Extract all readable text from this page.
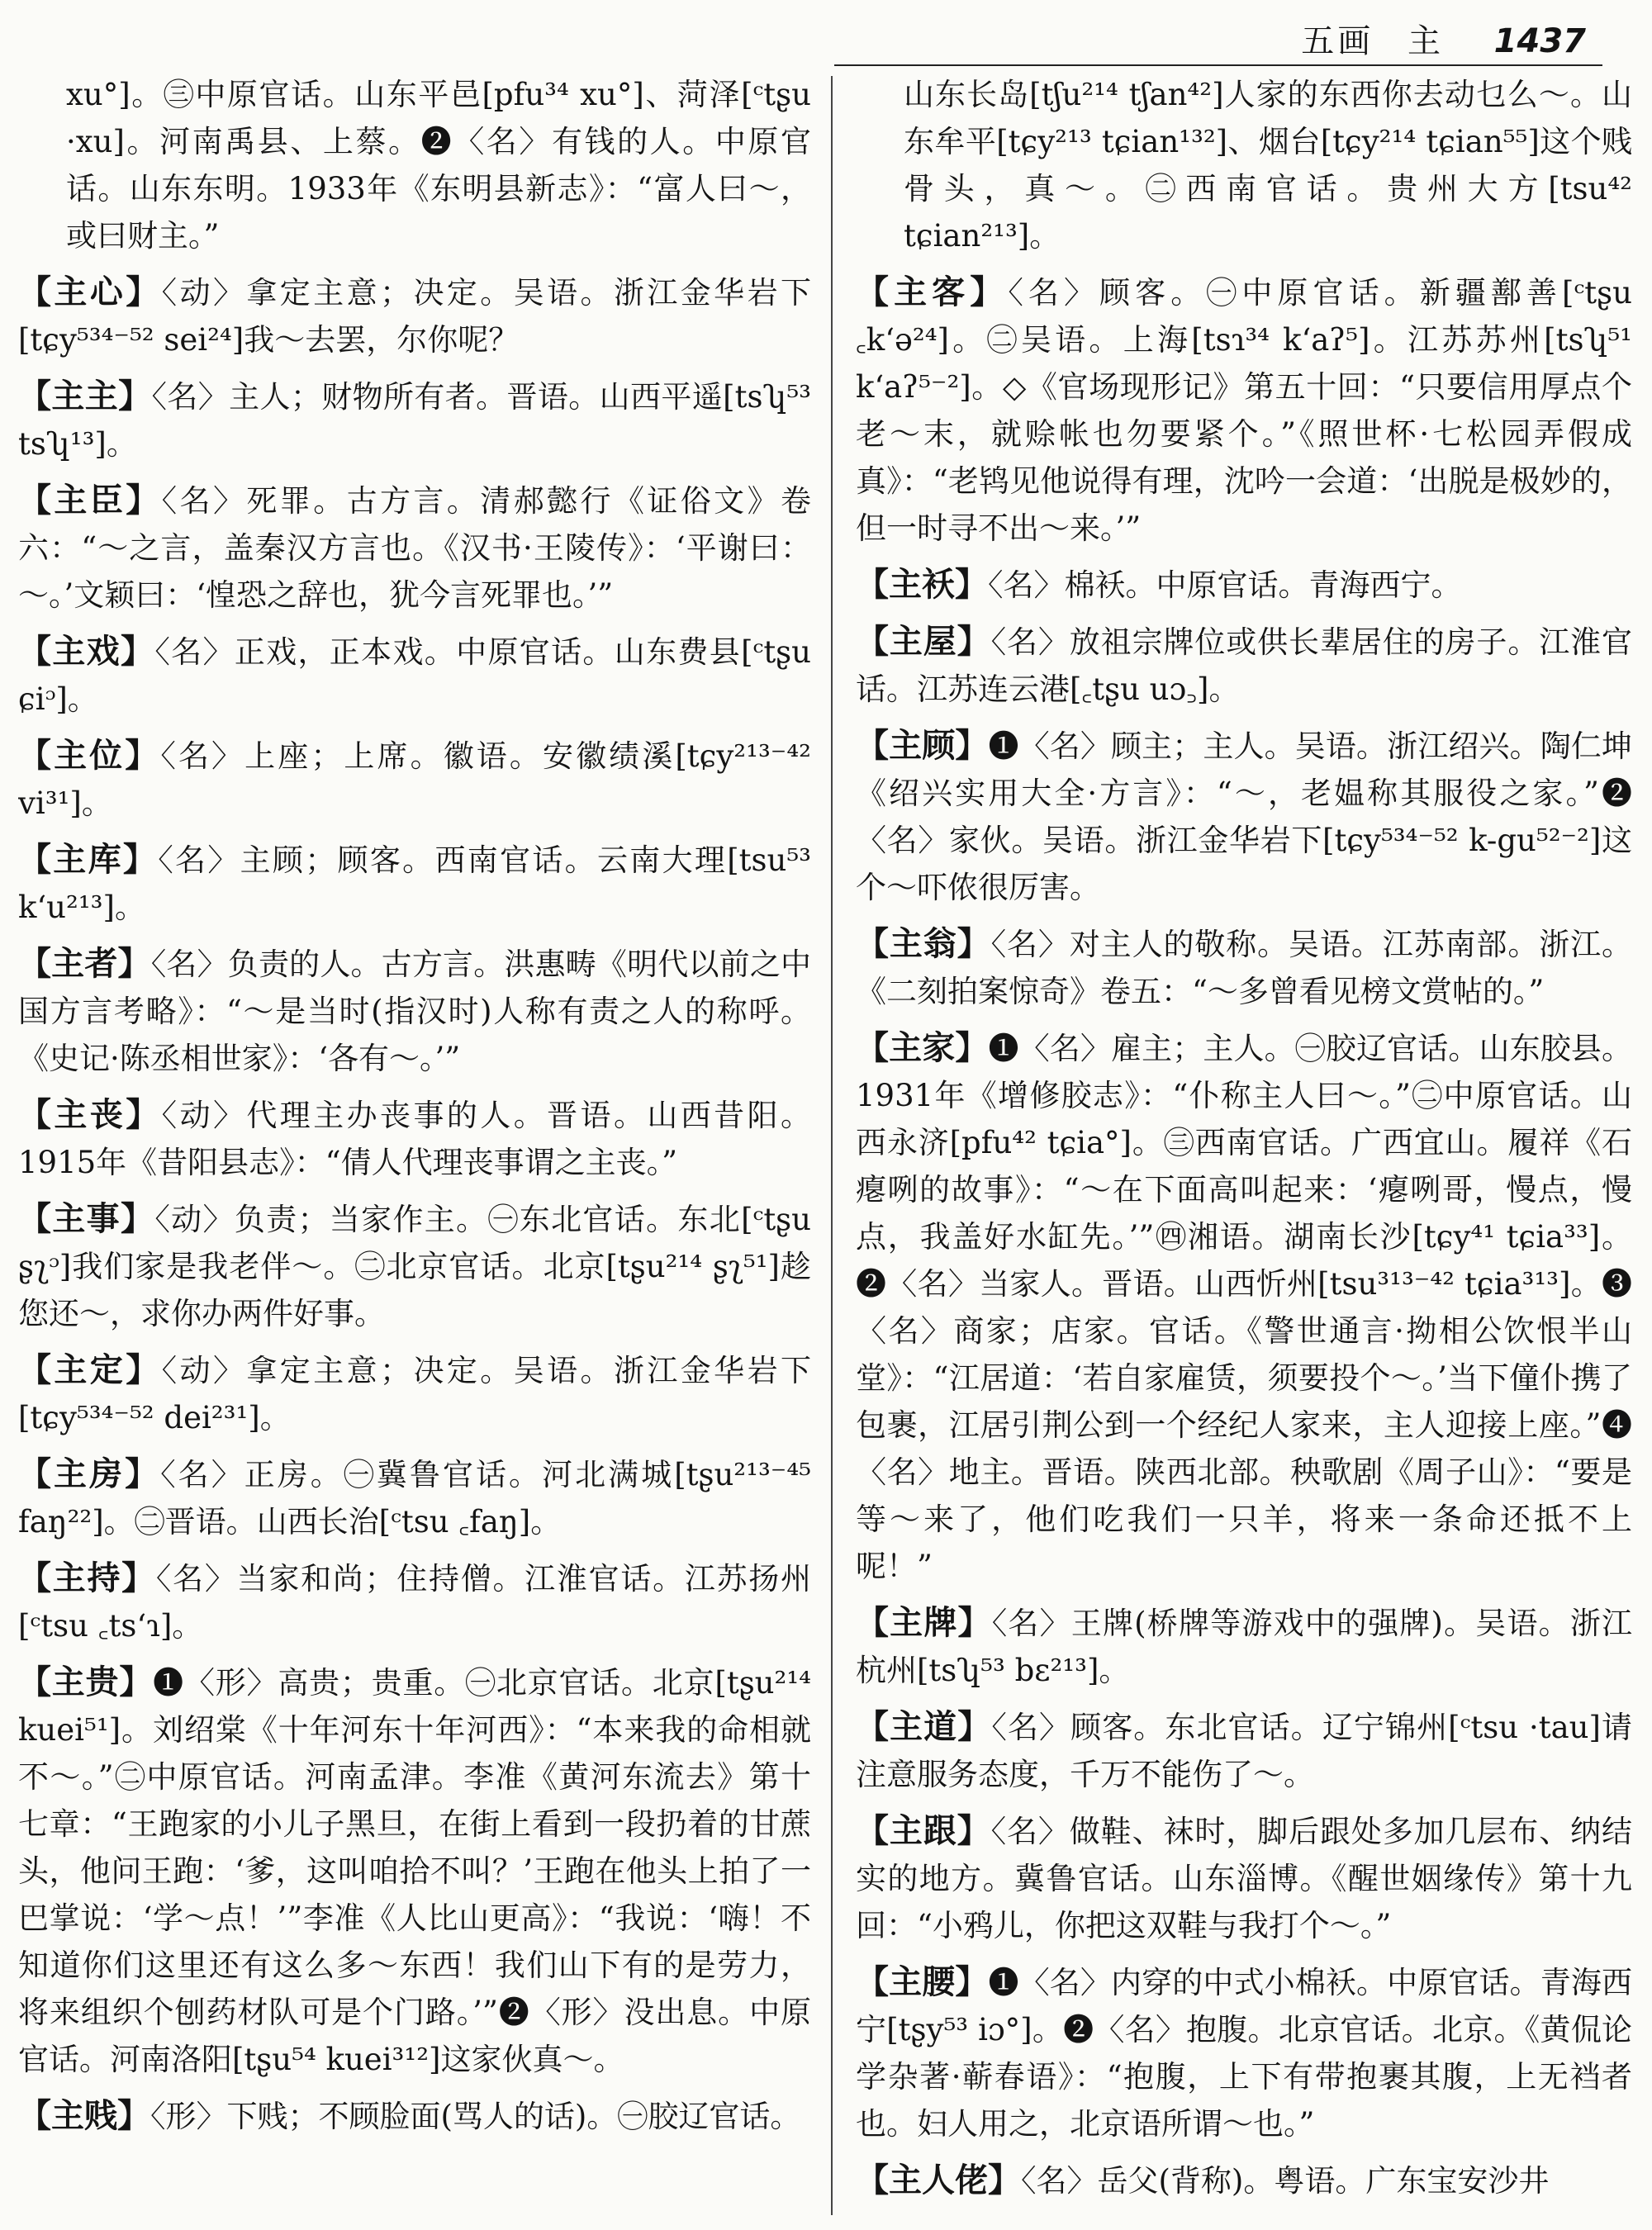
五画 主 1437

xu°]。㊂中原官话。山东平邑[pfu³⁴ xu°]、菏泽[ᶜtʂu ·xu]。河南禹县、上蔡。❷〈名〉有钱的人。中原官话。山东东明。1933年《东明县新志》：“富人曰～，或曰财主。”

【主心】〈动〉拿定主意；决定。吴语。浙江金华岩下[tɕy⁵³⁴⁻⁵² sei²⁴]我～去罢，尔你呢？

【主主】〈名〉主人；财物所有者。晋语。山西平遥[tsʮ⁵³ tsʮ¹³]。

【主臣】〈名〉死罪。古方言。清郝懿行《证俗文》卷六：“～之言，盖秦汉方言也。《汉书·王陵传》：‘平谢曰：～。’文颖曰：‘惶恐之辞也，犹今言死罪也。’”

【主戏】〈名〉正戏，正本戏。中原官话。山东费县[ᶜtʂu ɕiᵓ]。

【主位】〈名〉上座；上席。徽语。安徽绩溪[tɕy²¹³⁻⁴² vi³¹]。

【主库】〈名〉主顾；顾客。西南官话。云南大理[tsu⁵³ k‘u²¹³]。

【主者】〈名〉负责的人。古方言。洪惠畴《明代以前之中国方言考略》：“～是当时(指汉时)人称有责之人的称呼。《史记·陈丞相世家》：‘各有～。’”

【主丧】〈动〉代理主办丧事的人。晋语。山西昔阳。1915年《昔阳县志》：“倩人代理丧事谓之主丧。”

【主事】〈动〉负责；当家作主。㊀东北官话。东北[ᶜtʂu ʂʅᵓ]我们家是我老伴～。㊁北京官话。北京[tʂu²¹⁴ ʂʅ⁵¹]趁您还～，求你办两件好事。

【主定】〈动〉拿定主意；决定。吴语。浙江金华岩下[tɕy⁵³⁴⁻⁵² dei²³¹]。

【主房】〈名〉正房。㊀冀鲁官话。河北满城[tʂu²¹³⁻⁴⁵ faŋ²²]。㊁晋语。山西长治[ᶜtsu ꜀faŋ]。

【主持】〈名〉当家和尚；住持僧。江淮官话。江苏扬州[ᶜtsu ꜀ts‘ɿ]。

【主贵】❶〈形〉高贵；贵重。㊀北京官话。北京[tʂu²¹⁴ kuei⁵¹]。刘绍棠《十年河东十年河西》：“本来我的命相就不～。”㊁中原官话。河南孟津。李准《黄河东流去》第十七章：“王跑家的小儿子黑旦，在街上看到一段扔着的甘蔗头，他问王跑：‘爹，这叫咱拾不叫？’王跑在他头上拍了一巴掌说：‘学～点！’”李准《人比山更高》：“我说：‘嗨！不知道你们这里还有这么多～东西！我们山下有的是劳力，将来组织个刨药材队可是个门路。’”❷〈形〉没出息。中原官话。河南洛阳[tʂu⁵⁴ kuei³¹²]这家伙真～。

【主贱】〈形〉下贱；不顾脸面(骂人的话)。㊀胶辽官话。

山东长岛[tʃu²¹⁴ tʃan⁴²]人家的东西你去动乜么～。山东牟平[tɕy²¹³ tɕian¹³²]、烟台[tɕy²¹⁴ tɕian⁵⁵]这个贱骨头，真～。㊁西南官话。贵州大方[tsu⁴² tɕian²¹³]。

【主客】〈名〉顾客。㊀中原官话。新疆鄯善[ᶜtʂu ꜀k‘ə²⁴]。㊁吴语。上海[tsɿ³⁴ k‘aʔ⁵]。江苏苏州[tsʮ⁵¹ k‘aʔ⁵⁻²]。◇《官场现形记》第五十回：“只要信用厚点个老～末，就赊帐也勿要紧个。”《照世杯·七松园弄假成真》：“老鸨见他说得有理，沈吟一会道：‘出脱是极妙的，但一时寻不出～来。’”

【主袄】〈名〉棉袄。中原官话。青海西宁。

【主屋】〈名〉放祖宗牌位或供长辈居住的房子。江淮官话。江苏连云港[꜀tʂu uɔ꜆]。

【主顾】❶〈名〉顾主；主人。吴语。浙江绍兴。陶仁坤《绍兴实用大全·方言》：“～，老媪称其服役之家。”❷〈名〉家伙。吴语。浙江金华岩下[tɕy⁵³⁴⁻⁵² k-gu⁵²⁻²]这个～吓侬很厉害。

【主翁】〈名〉对主人的敬称。吴语。江苏南部。浙江。《二刻拍案惊奇》卷五：“～多曾看见榜文赏帖的。”

【主家】❶〈名〉雇主；主人。㊀胶辽官话。山东胶县。1931年《增修胶志》：“仆称主人曰～。”㊁中原官话。山西永济[pfu⁴² tɕia°]。㊂西南官话。广西宜山。履祥《石瘪咧的故事》：“～在下面高叫起来：‘瘪咧哥，慢点，慢点，我盖好水缸先。’”㊃湘语。湖南长沙[tɕy⁴¹ tɕia³³]。❷〈名〉当家人。晋语。山西忻州[tsu³¹³⁻⁴² tɕia³¹³]。❸〈名〉商家；店家。官话。《警世通言·拗相公饮恨半山堂》：“江居道：‘若自家雇赁，须要投个～。’当下僮仆携了包裹，江居引荆公到一个经纪人家来，主人迎接上座。”❹〈名〉地主。晋语。陕西北部。秧歌剧《周子山》：“要是等～来了，他们吃我们一只羊，将来一条命还抵不上呢！”

【主牌】〈名〉王牌(桥牌等游戏中的强牌)。吴语。浙江杭州[tsʮ⁵³ bɛ²¹³]。

【主道】〈名〉顾客。东北官话。辽宁锦州[ᶜtsu ·tau]请注意服务态度，千万不能伤了～。

【主跟】〈名〉做鞋、袜时，脚后跟处多加几层布、纳结实的地方。冀鲁官话。山东淄博。《醒世姻缘传》第十九回：“小鸦儿，你把这双鞋与我打个～。”

【主腰】❶〈名〉内穿的中式小棉袄。中原官话。青海西宁[tʂy⁵³ iɔ°]。❷〈名〉抱腹。北京官话。北京。《黄侃论学杂著·蕲春语》：“抱腹，上下有带抱裹其腹，上无裆者也。妇人用之，北京语所谓～也。”

【主人佬】〈名〉岳父(背称)。粤语。广东宝安沙井
